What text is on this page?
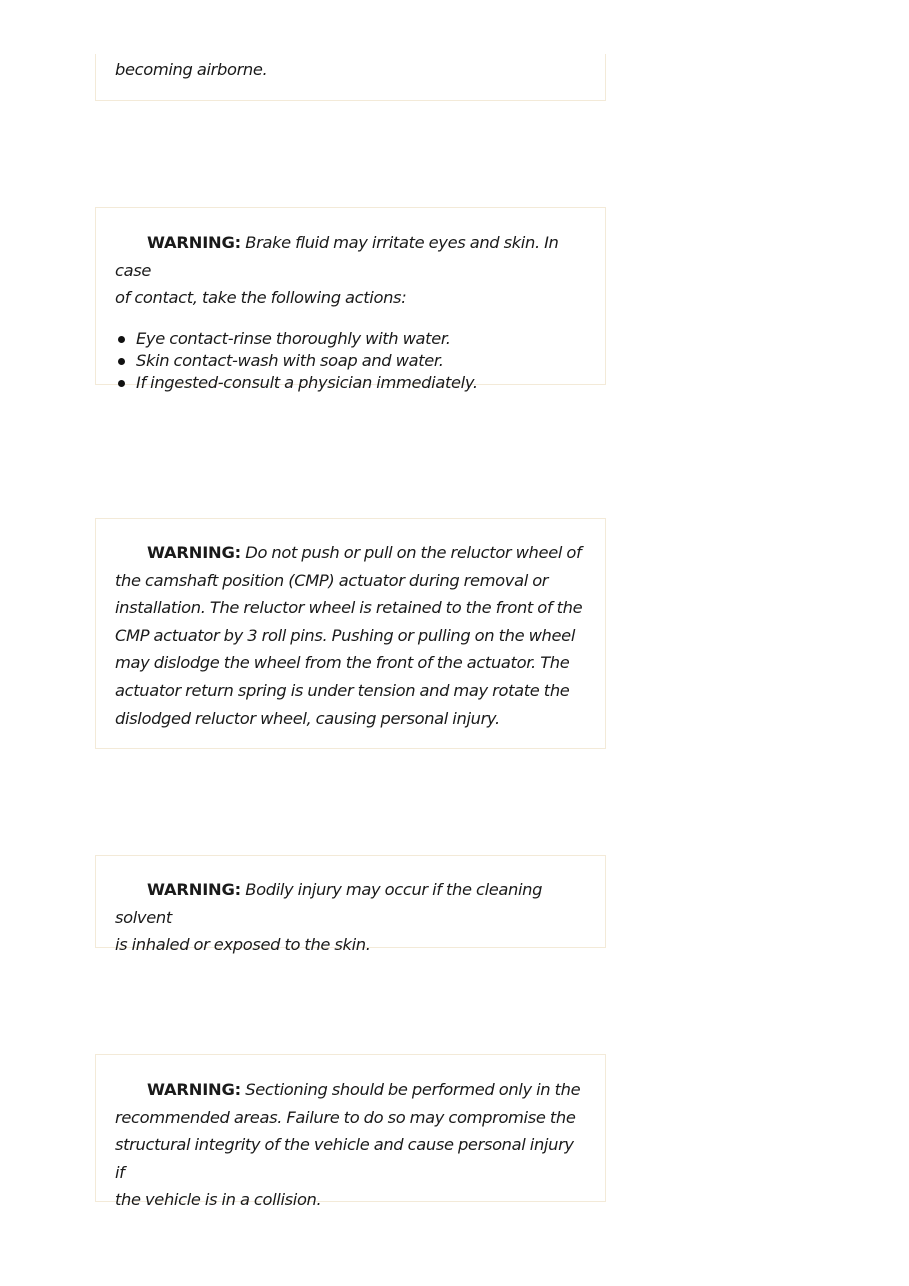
becoming airborne.

WARNING: Brake fluid may irritate eyes and skin. In case
of contact, take the following actions:

Eye contact-rinse thoroughly with water.
Skin contact-wash with soap and water.
If ingested-consult a physician immediately.

WARNING: Do not push or pull on the reluctor wheel of
the camshaft position (CMP) actuator during removal or
installation. The reluctor wheel is retained to the front of the
CMP actuator by 3 roll pins. Pushing or pulling on the wheel
may dislodge the wheel from the front of the actuator. The
actuator return spring is under tension and may rotate the
dislodged reluctor wheel, causing personal injury.

WARNING: Bodily injury may occur if the cleaning solvent
is inhaled or exposed to the skin.

WARNING: Sectioning should be performed only in the
recommended areas. Failure to do so may compromise the
structural integrity of the vehicle and cause personal injury if
the vehicle is in a collision.
